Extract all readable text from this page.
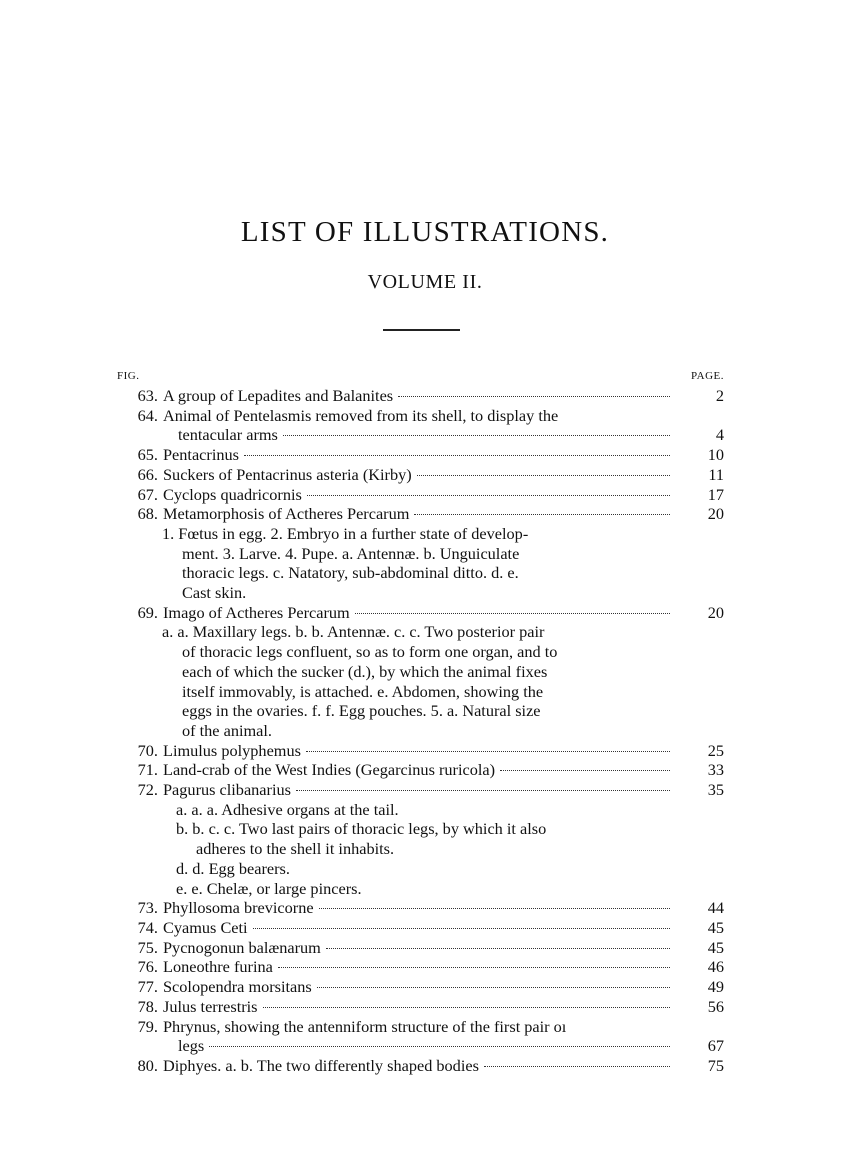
LIST OF ILLUSTRATIONS.
VOLUME II.
FIG.	PAGE.
63. A group of Lepadites and Balanites	2
64. Animal of Pentelasmis removed from its shell, to display the
tentacular arms	4
65. Pentacrinus	10
66. Suckers of Pentacrinus asteria (Kirby)	11
67. Cyclops quadricornis	17
68. Metamorphosis of Actheres Percarum	20
1. Fœtus in egg. 2. Embryo in a further state of develop-
ment. 3. Larve. 4. Pupe. a. Antennæ. b. Unguiculate
thoracic legs. c. Natatory, sub-abdominal ditto. d. e.
Cast skin.
69. Imago of Actheres Percarum	20
a. a. Maxillary legs. b. b. Antennæ. c. c. Two posterior pair
of thoracic legs confluent, so as to form one organ, and to
each of which the sucker (d.), by which the animal fixes
itself immovably, is attached. e. Abdomen, showing the
eggs in the ovaries. f. f. Egg pouches. 5. a. Natural size
of the animal.
70. Limulus polyphemus	25
71. Land-crab of the West Indies (Gegarcinus ruricola)	33
72. Pagurus clibanarius	35
a. a. a. Adhesive organs at the tail.
b. b. c. c. Two last pairs of thoracic legs, by which it also
adheres to the shell it inhabits.
d. d. Egg bearers.
e. e. Chelæ, or large pincers.
73. Phyllosoma brevicorne	44
74. Cyamus Ceti	45
75. Pycnogonun balænarum	45
76. Loneothre furina	46
77. Scolopendra morsitans	49
78. Julus terrestris	56
79. Phrynus, showing the antenniform structure of the first pair oı
legs	67
80. Diphyes. a. b. The two differently shaped bodies	75
